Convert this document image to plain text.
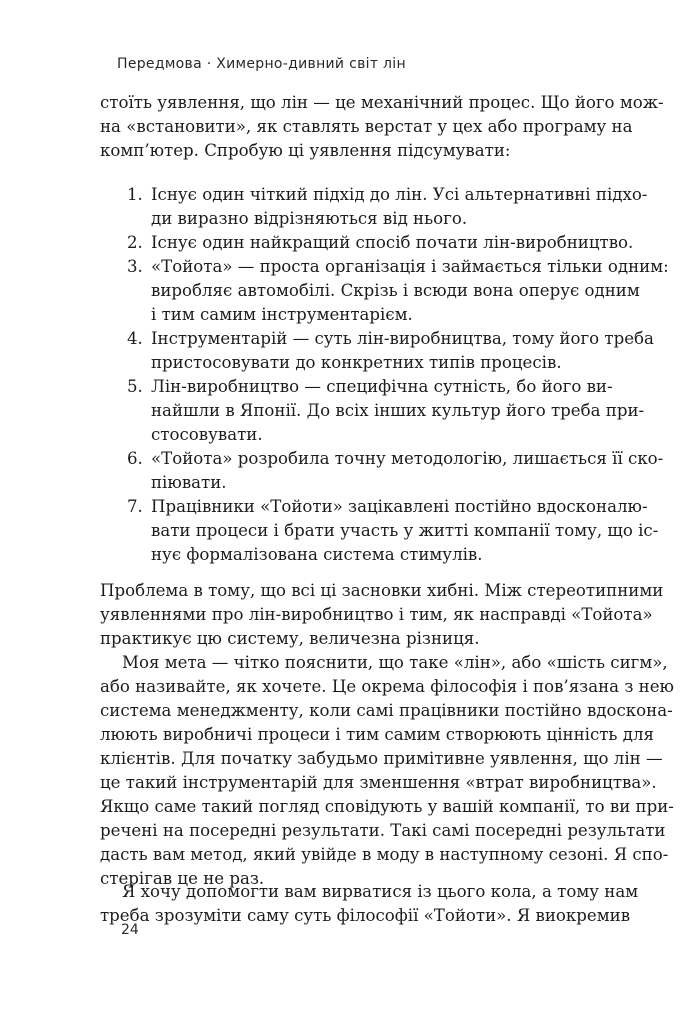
Передмова · Химерно-дивний світ лін
стоїть уявлення, що лін — це механічний процес. Що його мож-
на «встановити», як ставлять верстат у цех або програму на
комп’ютер. Спробую ці уявлення підсумувати:
1. Існує один чіткий підхід до лін. Усі альтернативні підхо-
ди виразно відрізняються від нього.
2. Існує один найкращий спосіб почати лін-виробництво.
3. «Тойота» — проста організація і займається тільки одним:
виробляє автомобілі. Скрізь і всюди вона оперує одним
і тим самим інструментарієм.
4. Інструментарій — суть лін-виробництва, тому його треба
пристосовувати до конкретних типів процесів.
5. Лін-виробництво — специфічна сутність, бо його ви-
найшли в Японії. До всіх інших культур його треба при-
стосовувати.
6. «Тойота» розробила точну методологію, лишається її ско-
піювати.
7. Працівники «Тойоти» зацікавлені постійно вдосконалю-
вати процеси і брати участь у житті компанії тому, що іс-
нує формалізована система стимулів.
Проблема в тому, що всі ці засновки хибні. Між стереотипними
уявленнями про лін-виробництво і тим, як насправді «Тойота»
практикує цю систему, величезна різниця.
Моя мета — чітко пояснити, що таке «лін», або «шість сигм»,
або називайте, як хочете. Це окрема філософія і пов’язана з нею
система менеджменту, коли самі працівники постійно вдоскона-
люють виробничі процеси і тим самим створюють цінність для
клієнтів. Для початку забудьмо примітивне уявлення, що лін —
це такий інструментарій для зменшення «втрат виробництва».
Якщо саме такий погляд сповідують у вашій компанії, то ви при-
речені на посередні результати. Такі самі посередні результати
дасть вам метод, який увійде в моду в наступному сезоні. Я спо-
стерігав це не раз.
Я хочу допомогти вам вирватися із цього кола, а тому нам
треба зрозуміти саму суть філософії «Тойоти». Я виокремив
24
